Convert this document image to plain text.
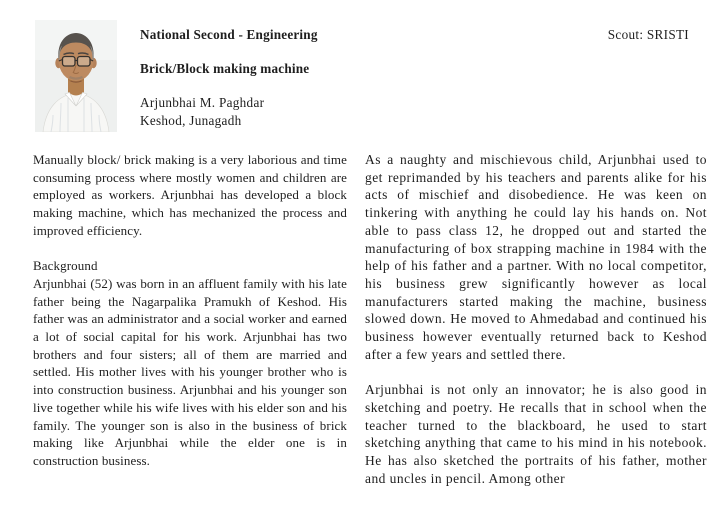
National Second - Engineering
Brick/Block making machine
Arjunbhai M. Paghdar
Keshod, Junagadh
Scout: SRISTI

Manually block/ brick making is a very laborious and time consuming process where mostly women and children are employed as workers. Arjunbhai has developed a block making machine, which has mechanized the process and improved efficiency.

Background

Arjunbhai (52) was born in an affluent family with his late father being the Nagarpalika Pramukh of Keshod. His father was an administrator and a social worker and earned a lot of social capital for his work. Arjunbhai has two brothers and four sisters; all of them are married and settled. His mother lives with his younger brother who is into construction business. Arjunbhai and his younger son live together while his wife lives with his elder son and his family. The younger son is also in the business of brick making like Arjunbhai while the elder one is in construction business.

As a naughty and mischievous child, Arjunbhai used to get reprimanded by his teachers and parents alike for his acts of mischief and disobedience. He was keen on tinkering with anything he could lay his hands on. Not able to pass class 12, he dropped out and started the manufacturing of box strapping machine in 1984 with the help of his father and a partner. With no local competitor, his business grew significantly however as local manufacturers started making the machine, business slowed down. He moved to Ahmedabad and continued his business however eventually returned back to Keshod after a few years and settled there.

Arjunbhai is not only an innovator; he is also good in sketching and poetry. He recalls that in school when the teacher turned to the blackboard, he used to start sketching anything that came to his mind in his notebook. He has also sketched the portraits of his father, mother and uncles in pencil. Among other
